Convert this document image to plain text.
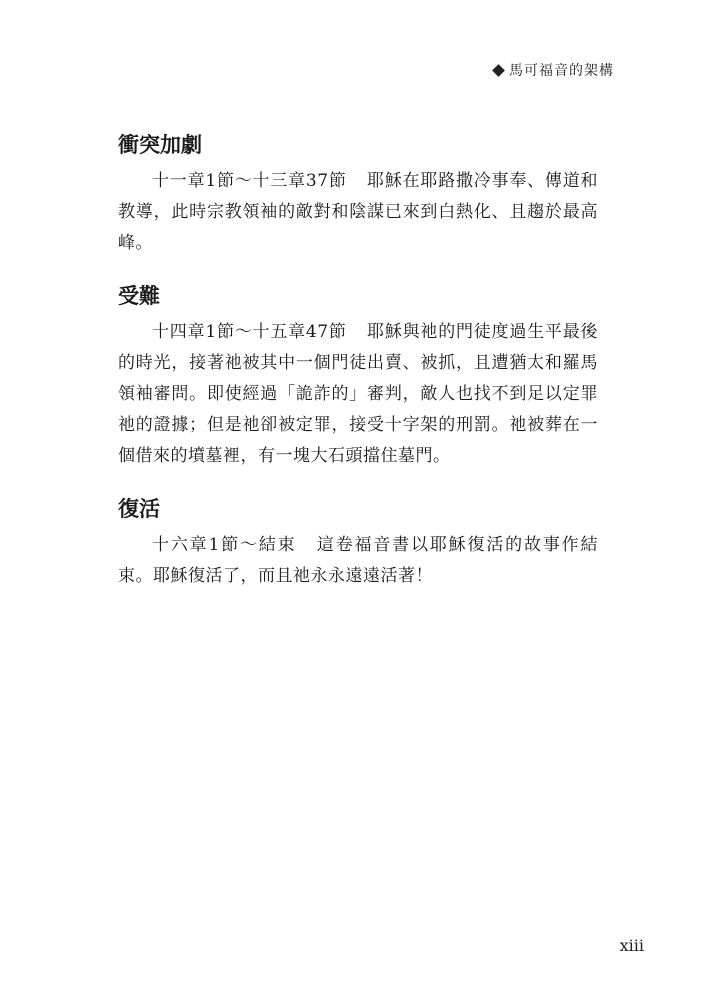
馬可福音的架構
衝突加劇

十一章1節～十三章37節 耶穌在耶路撒冷事奉、傳道和教導，此時宗教領袖的敵對和陰謀已來到白熱化、且趨於最高峰。

受難

十四章1節～十五章47節 耶穌與祂的門徒度過生平最後的時光，接著祂被其中一個門徒出賣、被抓，且遭猶太和羅馬領袖審問。即使經過「詭詐的」審判，敵人也找不到足以定罪祂的證據；但是祂卻被定罪，接受十字架的刑罰。祂被葬在一個借來的墳墓裡，有一塊大石頭擋住墓門。

復活

十六章1節～結束 這卷福音書以耶穌復活的故事作結束。耶穌復活了，而且祂永永遠遠活著！

xiii
